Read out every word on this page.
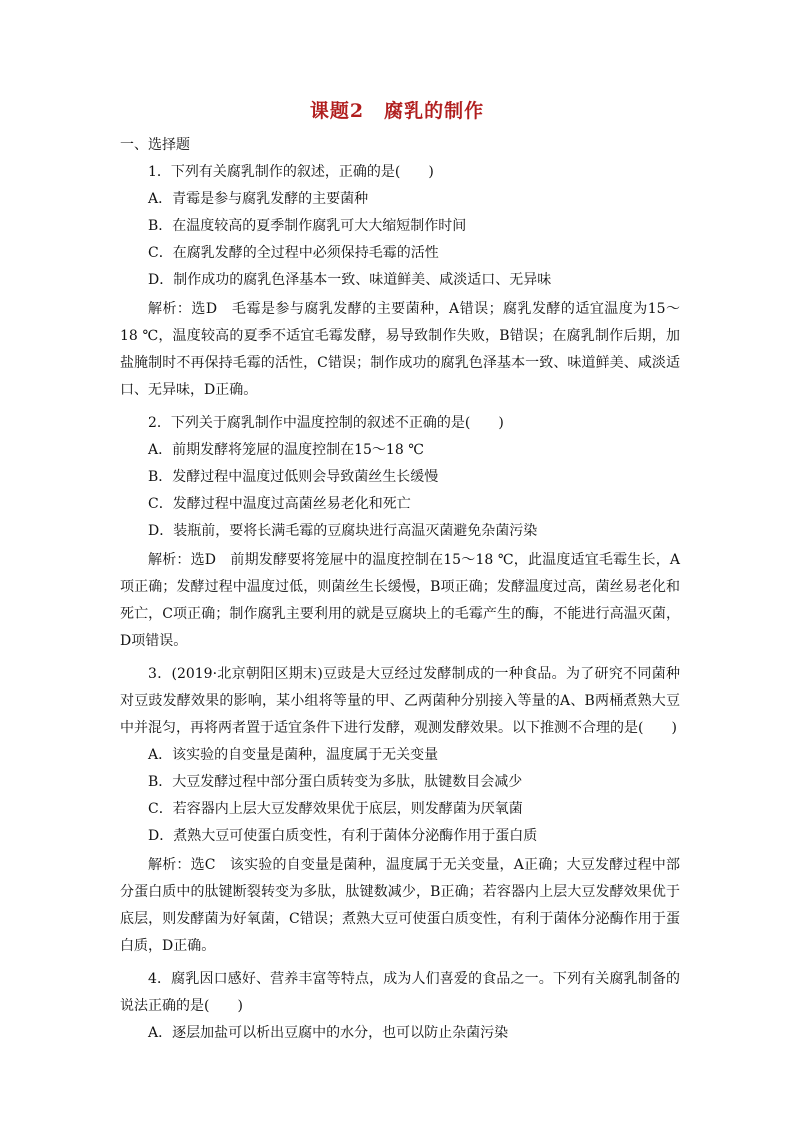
课题2　腐乳的制作

一、选择题

1．下列有关腐乳制作的叙述，正确的是(　　)

A．青霉是参与腐乳发酵的主要菌种

B．在温度较高的夏季制作腐乳可大大缩短制作时间

C．在腐乳发酵的全过程中必须保持毛霉的活性

D．制作成功的腐乳色泽基本一致、味道鲜美、咸淡适口、无异味

解析：选D　毛霉是参与腐乳发酵的主要菌种，A错误；腐乳发酵的适宜温度为15～18 ℃，温度较高的夏季不适宜毛霉发酵，易导致制作失败，B错误；在腐乳制作后期，加盐腌制时不再保持毛霉的活性，C错误；制作成功的腐乳色泽基本一致、味道鲜美、咸淡适口、无异味，D正确。

2．下列关于腐乳制作中温度控制的叙述不正确的是(　　)

A．前期发酵将笼屉的温度控制在15～18 ℃

B．发酵过程中温度过低则会导致菌丝生长缓慢

C．发酵过程中温度过高菌丝易老化和死亡

D．装瓶前，要将长满毛霉的豆腐块进行高温灭菌避免杂菌污染

解析：选D　前期发酵要将笼屉中的温度控制在15～18 ℃，此温度适宜毛霉生长，A项正确；发酵过程中温度过低，则菌丝生长缓慢，B项正确；发酵温度过高，菌丝易老化和死亡，C项正确；制作腐乳主要利用的就是豆腐块上的毛霉产生的酶，不能进行高温灭菌，D项错误。

3．(2019·北京朝阳区期末)豆豉是大豆经过发酵制成的一种食品。为了研究不同菌种对豆豉发酵效果的影响，某小组将等量的甲、乙两菌种分别接入等量的A、B两桶煮熟大豆中并混匀，再将两者置于适宜条件下进行发酵，观测发酵效果。以下推测不合理的是(　　)

A．该实验的自变量是菌种，温度属于无关变量

B．大豆发酵过程中部分蛋白质转变为多肽，肽键数目会减少

C．若容器内上层大豆发酵效果优于底层，则发酵菌为厌氧菌

D．煮熟大豆可使蛋白质变性，有利于菌体分泌酶作用于蛋白质

解析：选C　该实验的自变量是菌种，温度属于无关变量，A正确；大豆发酵过程中部分蛋白质中的肽键断裂转变为多肽，肽键数减少，B正确；若容器内上层大豆发酵效果优于底层，则发酵菌为好氧菌，C错误；煮熟大豆可使蛋白质变性，有利于菌体分泌酶作用于蛋白质，D正确。

4．腐乳因口感好、营养丰富等特点，成为人们喜爱的食品之一。下列有关腐乳制备的说法正确的是(　　)

A．逐层加盐可以析出豆腐中的水分，也可以防止杂菌污染
